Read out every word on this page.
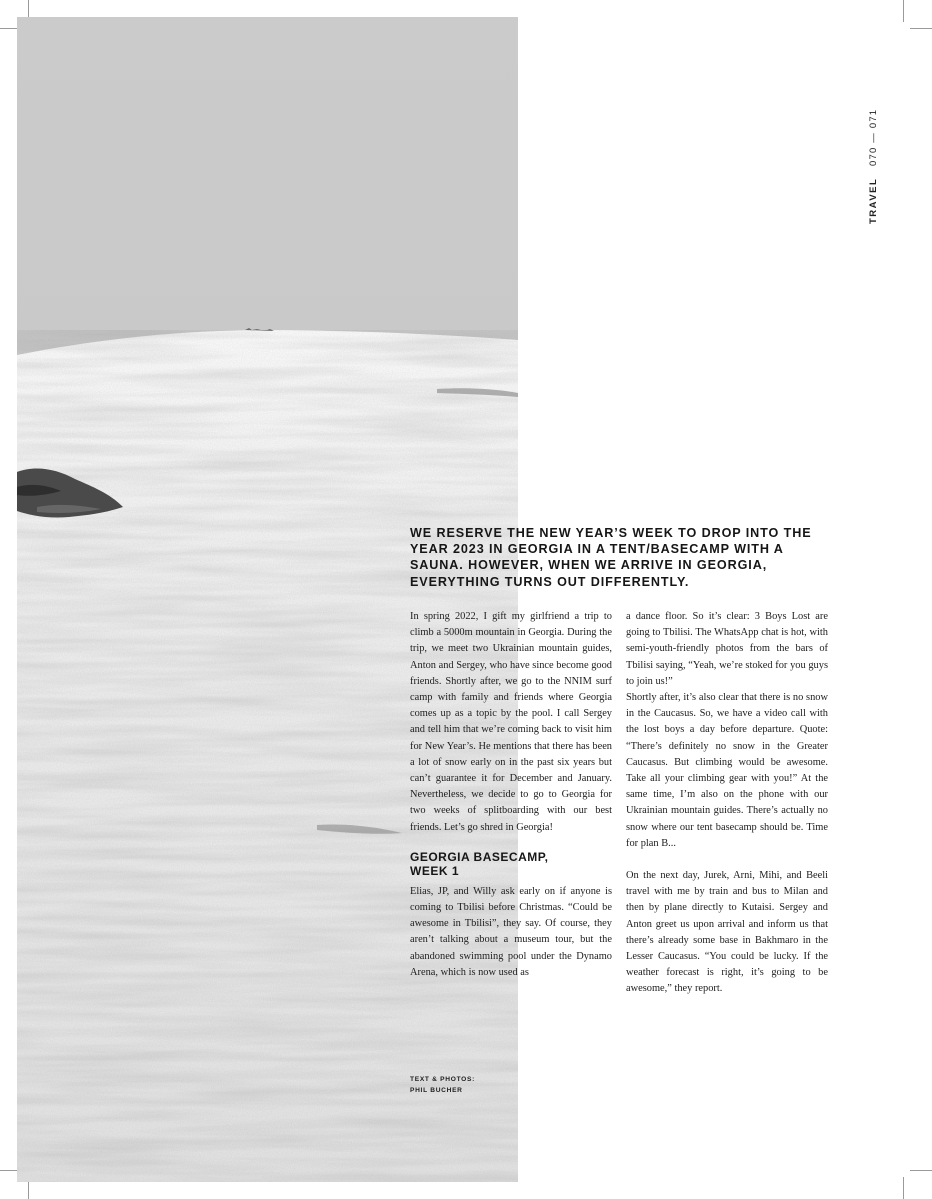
TRAVEL070 — 071
WE RESERVE THE NEW YEAR’S WEEK TO DROP INTO THE YEAR 2023 IN GEORGIA IN A TENT/BASECAMP WITH A SAUNA. HOWEVER, WHEN WE ARRIVE IN GEORGIA, EVERYTHING TURNS OUT DIFFERENTLY.

In spring 2022, I gift my girlfriend a trip to climb a 5000m mountain in Georgia. During the trip, we meet two Ukrainian mountain guides, Anton and Sergey, who have since become good friends. Shortly after, we go to the NNIM surf camp with family and friends where Georgia comes up as a topic by the pool. I call Sergey and tell him that we’re coming back to visit him for New Year’s. He mentions that there has been a lot of snow early on in the past six years but can’t guarantee it for December and January. Nevertheless, we decide to go to Georgia for two weeks of splitboarding with our best friends. Let’s go shred in Georgia!

GEORGIA BASECAMP,
WEEK 1

Elias, JP, and Willy ask early on if anyone is coming to Tbilisi before Christmas. “Could be awesome in Tbilisi”, they say. Of course, they aren’t talking about a museum tour, but the abandoned swimming pool under the Dynamo Arena, which is now used as

a dance floor. So it’s clear: 3 Boys Lost are going to Tbilisi. The WhatsApp chat is hot, with semi-youth-friendly photos from the bars of Tbilisi saying, “Yeah, we’re stoked for you guys to join us!”

Shortly after, it’s also clear that there is no snow in the Caucasus. So, we have a video call with the lost boys a day before departure. Quote: “There’s definitely no snow in the Greater Caucasus. But climbing would be awesome. Take all your climbing gear with you!” At the same time, I’m also on the phone with our Ukrainian mountain guides. There’s actually no snow where our tent basecamp should be. Time for plan B...

On the next day, Jurek, Arni, Mihi, and Beeli travel with me by train and bus to Milan and then by plane directly to Kutaisi. Sergey and Anton greet us upon arrival and inform us that there’s already some base in Bakhmaro in the Lesser Caucasus. “You could be lucky. If the weather forecast is right, it’s going to be awesome,” they report.

TEXT & PHOTOS:
PHIL BUCHER
